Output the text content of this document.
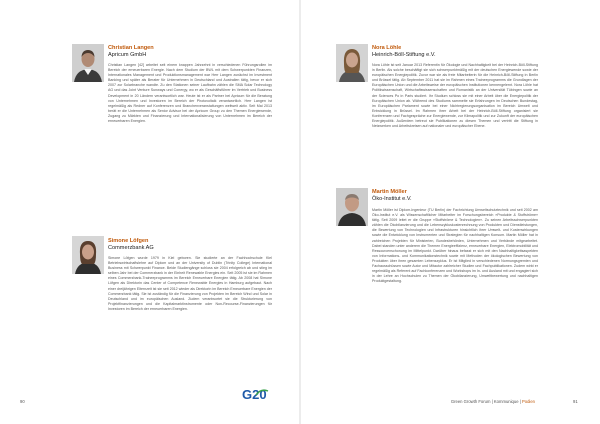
Christian Langen
Apricum GmbH

Christian Langen [42] arbeitet seit einem knappen Jahrzehnt in verschiedenen Führungsrollen im Bereich der erneuerbaren Energie. Nach dem Studium der BWL mit dem Schwerpunkten Finanzen, Internationales Management und Produktionsmanagement war Herr Langen zunächst im Investment Banking und später als Berater für Unternehmen in Deutschland und Australien tätig, bevor er sich 2007 zur Solarbranche wandte. Zu den Stationen seiner Laufbahn zählen die SMA Solar Technology AG und das Joint Venture Sunways und Conergy, wo er als Geschäftsführer im Vertrieb und Business Development in 20 Ländern verantwortlich war. Heute ist er als Partner bei Apricum für die Beratung von Unternehmen und Investoren im Bereich der Photovoltaik verantwortlich. Herr Langen ist regelmäßig als Redner auf Konferenzen und Branchenveranstaltungen weltweit aktiv. Seit Mai 2013 berät er die Unternehmen als Senior Advisor bei der Apricum Group zu den Themen Energiewende, Zugang zu Märkten und Finanzierung und Internationalisierung von Unternehmen im Bereich der erneuerbaren Energien.

Simone Löfgen
Commerzbank AG

Simone Löfgen wurde 1979 in Kiel geboren. Sie studierte an der Fachhochschule Kiel Betriebswirtschaftslehre auf Diplom und an der University of Dublin (Trinity College) International Business mit Schwerpunkt Finance. Beide Studiengänge schloss sie 2004 erfolgreich ab und stieg im selben Jahr bei der Commerzbank in der Einheit Renewable Energies ein. Seit 2005 ist sie im Rahmen eines Commerzbank-Traineeprogramms im Bereich Erneuerbare Energien tätig. Ab 2008 hat Simone Löfgen als Direktorin das Center of Competence Renewable Energies in Hamburg aufgebaut. Nach einer dreijährigen Elternzeit ist sie seit 2012 wieder als Direktorin im Bereich Erneuerbare Energien der Commerzbank tätig. Sie ist zuständig für die Finanzierung von Projekten im Bereich Wind und Solar in Deutschland und im europäischen Ausland. Zudem verantwortet sie die Strukturierung von Projektfinanzierungen und die Kapitalmarktinstrumente oder Non-Recourse-Finanzierungen für Investoren im Bereich der erneuerbaren Energien.

Nora Löhle
Heinrich-Böll-Stiftung e.V.

Nora Löhle ist seit Januar 2013 Referentin für Ökologie und Nachhaltigkeit bei der Heinrich-Böll-Stiftung in Berlin. Als solche beschäftigt sie sich schwerpunktmäßig mit der deutschen Energiewende sowie der europäischen Energiepolitik. Zuvor war sie als freie Mitarbeiterin für die Heinrich-Böll-Stiftung in Berlin und Brüssel tätig. Ab September 2011 hat sie im Rahmen eines Traineeprogramms die Grundlagen der Europäischen Union und die Arbeitsweise der europäischen Institutionen kennengelernt. Nora Löhle hat Politikwissenschaft, Wirtschaftswissenschaften und Romanistik an der Universität Tübingen sowie an der Sciences Po in Paris studiert. Ihr Studium schloss sie mit einer Arbeit über die Energiepolitik der Europäischen Union ab. Während des Studiums sammelte sie Erfahrungen im Deutschen Bundestag, im Europäischen Parlament sowie bei einer Nichtregierungsorganisation im Bereich Umwelt und Entwicklung in Brüssel. Im Rahmen ihrer Arbeit bei der Heinrich-Böll-Stiftung organisiert sie Konferenzen und Fachgespräche zur Energiewende, zur Klimapolitik und zur Zukunft der europäischen Energiepolitik. Außerdem betreut sie Publikationen zu diesen Themen und vertritt die Stiftung in Netzwerken und Arbeitskreisen auf nationaler und europäischer Ebene.

Martin Möller
Öko-Institut e.V.

Martin Möller ist Diplom-Ingenieur (TU Berlin) der Fachrichtung Umweltschutztechnik und seit 2002 am Öko-Institut e.V. als Wissenschaftlicher Mitarbeiter im Forschungsbereich »Produkte & Stoffströme« tätig. Seit 2009 leitet er die Gruppe »Stoffströme & Technologien«. Zu seinen Arbeitsschwerpunkten zählen die Ökobilanzierung und die Lebenszykluskostenrechnung von Produkten und Dienstleistungen, die Bewertung von Technologien und Infrastrukturen hinsichtlich ihrer Umwelt- und Kostenwirkungen sowie die Entwicklung von Instrumenten und Strategien für nachhaltigen Konsum. Martin Möller hat in zahlreichen Projekten für Ministerien, Bundesbehörden, Unternehmen und Verbände mitgearbeitet. Dabei standen unter anderem die Themen Energieeffizienz, erneuerbare Energien, Elektromobilität und Ressourcenschonung im Mittelpunkt. Darüber hinaus befasst er sich mit den Nachhaltigkeitsaspekten von Informations- und Kommunikationstechnik sowie mit Methoden der ökologischen Bewertung von Produkten über ihren gesamten Lebenszyklus. Er ist Mitglied in verschiedenen Normungsgremien und Fachausschüssen sowie Autor und Mitautor zahlreicher Studien und Fachpublikationen. Zudem wirkt er regelmäßig als Referent auf Fachkonferenzen und Workshops im In- und Ausland mit und engagiert sich in der Lehre an Hochschulen zu Themen der Ökobilanzierung, Umweltbewertung und nachhaltigen Produktgestaltung.

90	G20	Green Growth Forum | Kommunique | Podien	91
